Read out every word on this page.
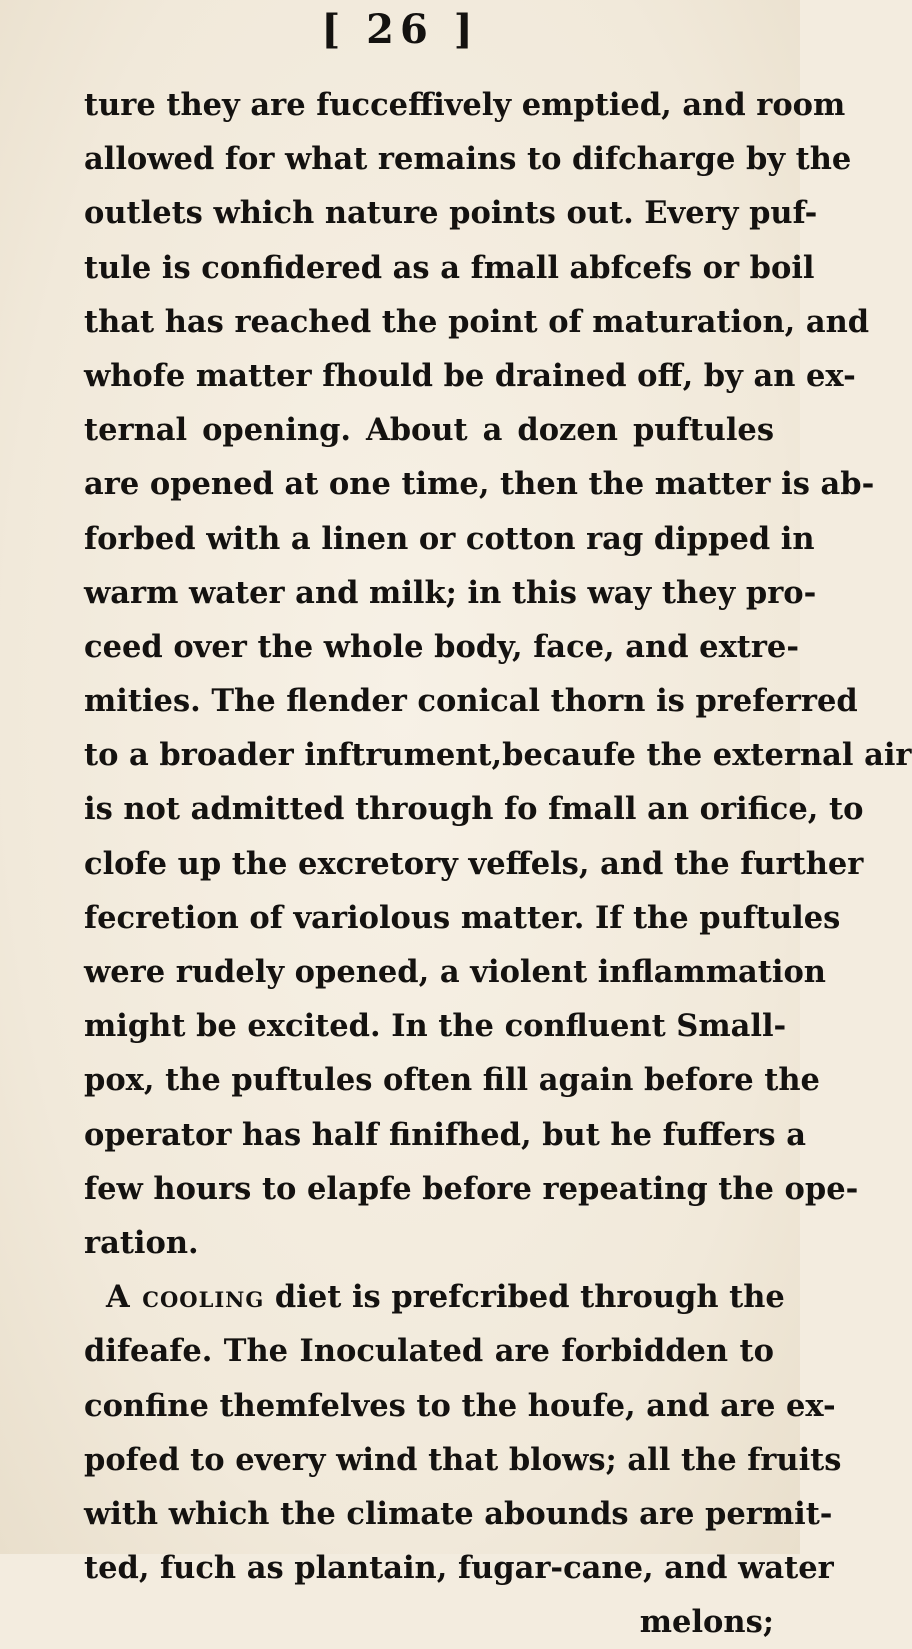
[ 26 ]
ture they are fucceffively emptied, and room
allowed for what remains to difcharge by the
outlets which nature points out. Every puf-
tule is confidered as a fmall abfcefs or boil
that has reached the point of maturation, and
whofe matter fhould be drained off, by an ex-
ternal opening. About a dozen puftules
are opened at one time, then the matter is ab-
forbed with a linen or cotton rag dipped in
warm water and milk; in this way they pro-
ceed over the whole body, face, and extre-
mities. The flender conical thorn is preferred
to a broader inftrument,becaufe the external air
is not admitted through fo fmall an orifice, to
clofe up the excretory veffels, and the further
fecretion of variolous matter. If the puftules
were rudely opened, a violent inflammation
might be excited. In the confluent Small-
pox, the puftules often fill again before the
operator has half finifhed, but he fuffers a
few hours to elapfe before repeating the ope-
ration.
A cooling diet is prefcribed through the
difeafe. The Inoculated are forbidden to
confine themfelves to the houfe, and are ex-
pofed to every wind that blows; all the fruits
with which the climate abounds are permit-
ted, fuch as plantain, fugar-cane, and water
melons;
